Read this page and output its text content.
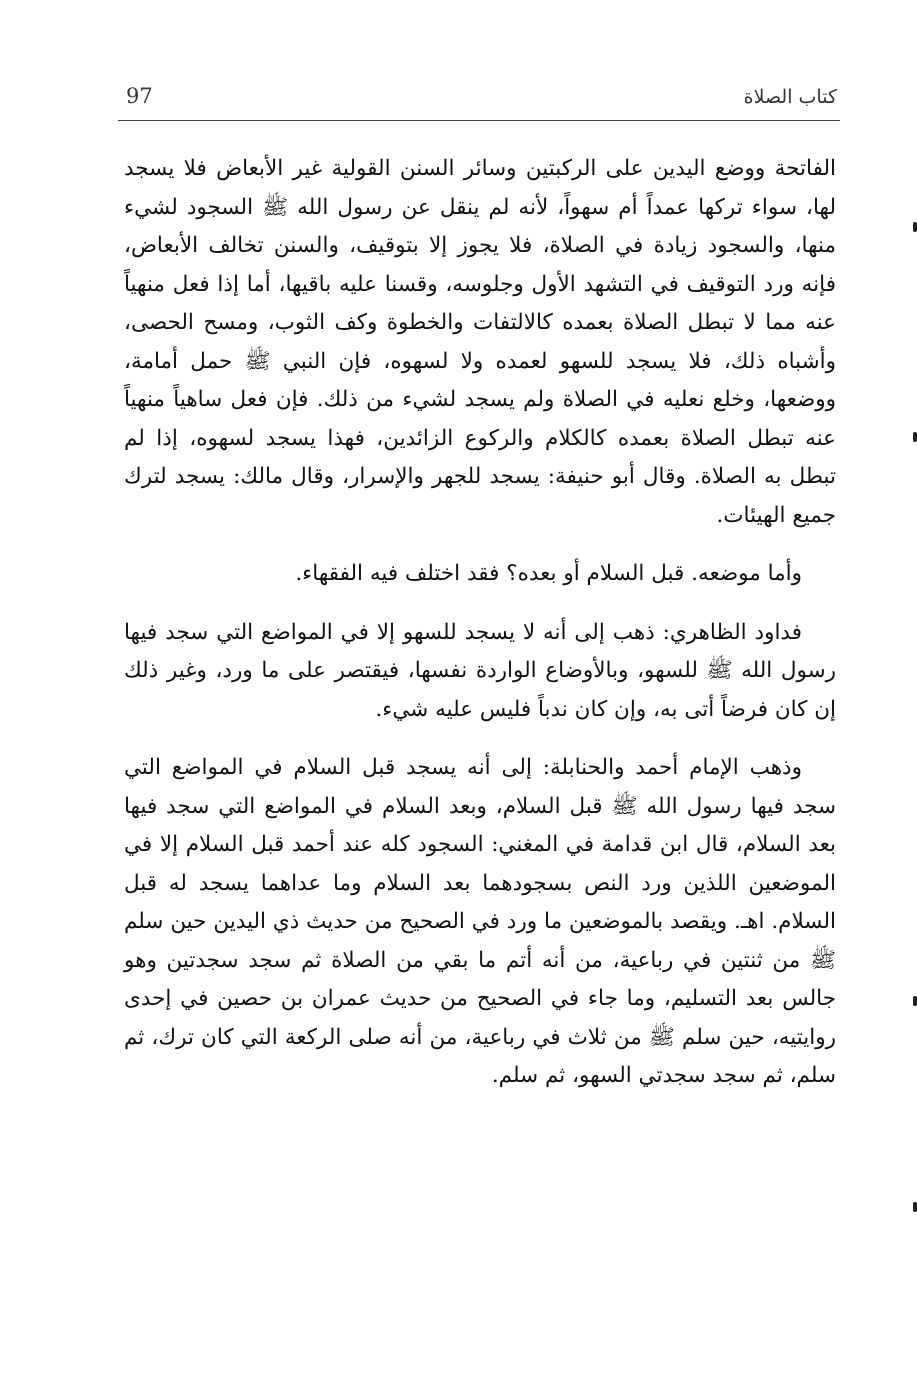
كتاب الصلاة
97

الفاتحة ووضع اليدين على الركبتين وسائر السنن القولية غير الأبعاض فلا يسجد لها، سواء تركها عمداً أم سهواً، لأنه لم ينقل عن رسول الله ﷺ السجود لشيء منها، والسجود زيادة في الصلاة، فلا يجوز إلا بتوقيف، والسنن تخالف الأبعاض، فإنه ورد التوقيف في التشهد الأول وجلوسه، وقسنا عليه باقيها، أما إذا فعل منهياً عنه مما لا تبطل الصلاة بعمده كالالتفات والخطوة وكف الثوب، ومسح الحصى، وأشباه ذلك، فلا يسجد للسهو لعمده ولا لسهوه، فإن النبي ﷺ حمل أمامة، ووضعها، وخلع نعليه في الصلاة ولم يسجد لشيء من ذلك. فإن فعل ساهياً منهياً عنه تبطل الصلاة بعمده كالكلام والركوع الزائدين، فهذا يسجد لسهوه، إذا لم تبطل به الصلاة. وقال أبو حنيفة: يسجد للجهر والإسرار، وقال مالك: يسجد لترك جميع الهيئات.

وأما موضعه. قبل السلام أو بعده؟ فقد اختلف فيه الفقهاء.

فداود الظاهري: ذهب إلى أنه لا يسجد للسهو إلا في المواضع التي سجد فيها رسول الله ﷺ للسهو، وبالأوضاع الواردة نفسها، فيقتصر على ما ورد، وغير ذلك إن كان فرضاً أتى به، وإن كان ندباً فليس عليه شيء.

وذهب الإمام أحمد والحنابلة: إلى أنه يسجد قبل السلام في المواضع التي سجد فيها رسول الله ﷺ قبل السلام، وبعد السلام في المواضع التي سجد فيها بعد السلام، قال ابن قدامة في المغني: السجود كله عند أحمد قبل السلام إلا في الموضعين اللذين ورد النص بسجودهما بعد السلام وما عداهما يسجد له قبل السلام. اهـ. ويقصد بالموضعين ما ورد في الصحيح من حديث ذي اليدين حين سلم ﷺ من ثنتين في رباعية، من أنه أتم ما بقي من الصلاة ثم سجد سجدتين وهو جالس بعد التسليم، وما جاء في الصحيح من حديث عمران بن حصين في إحدى روايتيه، حين سلم ﷺ من ثلاث في رباعية، من أنه صلى الركعة التي كان ترك، ثم سلم، ثم سجد سجدتي السهو، ثم سلم.
